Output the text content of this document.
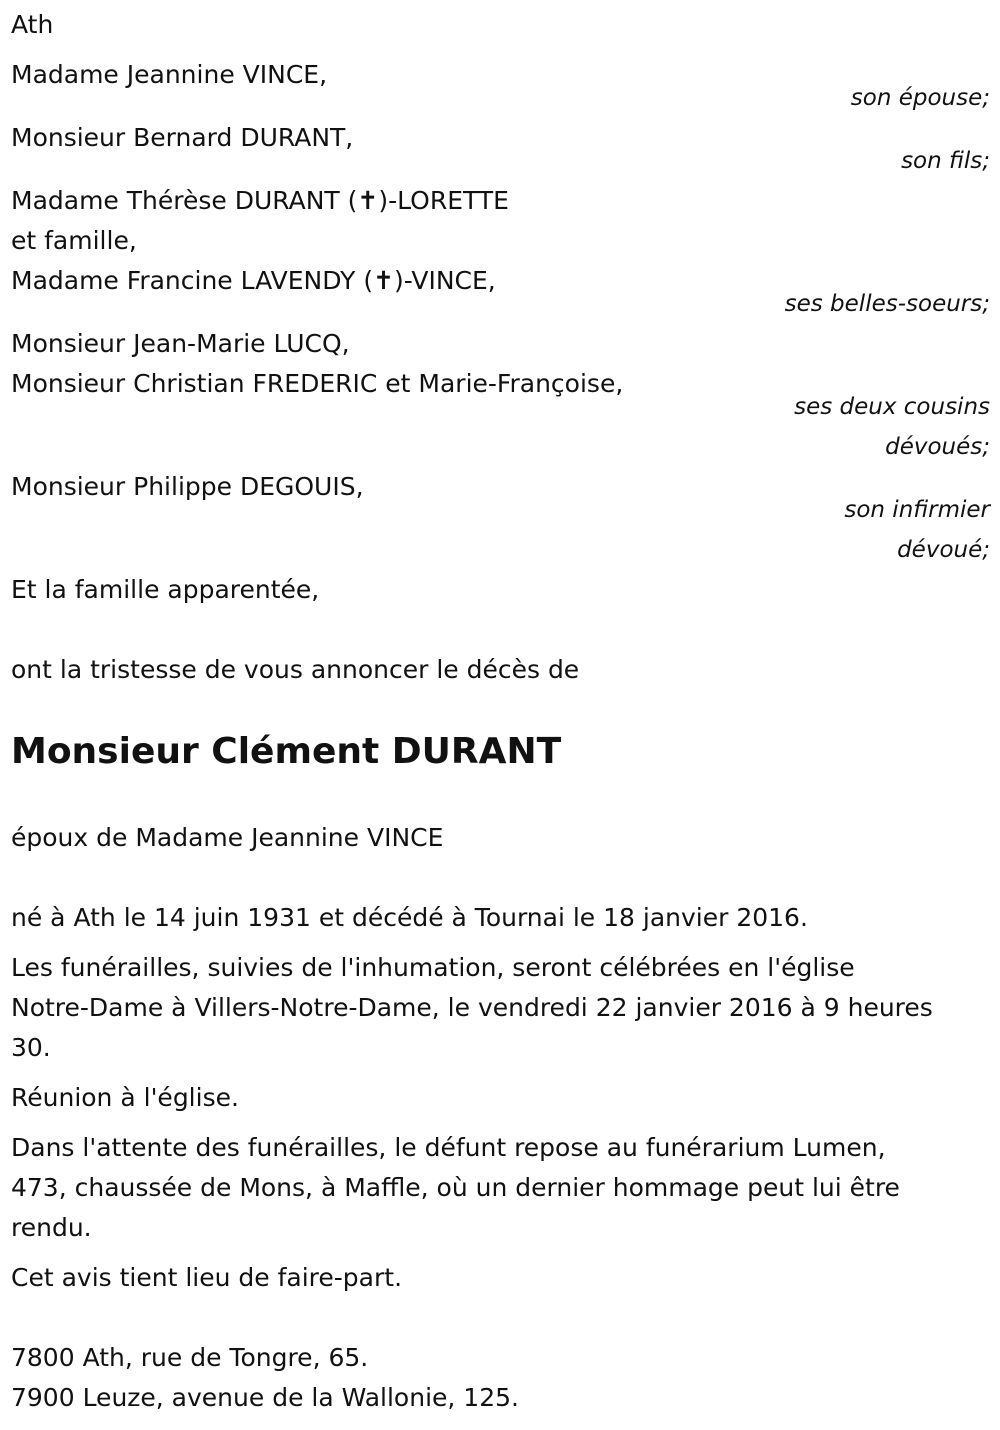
Ath
Madame Jeannine VINCE,
son épouse;
Monsieur Bernard DURANT,
son fils;
Madame Thérèse DURANT (✝)-LORETTE
et famille,
Madame Francine LAVENDY (✝)-VINCE,
ses belles-soeurs;
Monsieur Jean-Marie LUCQ,
Monsieur Christian FREDERIC et Marie-Françoise,
ses deux cousins
dévoués;
Monsieur Philippe DEGOUIS,
son infirmier
dévoué;
Et la famille apparentée,
ont la tristesse de vous annoncer le décès de
Monsieur Clément DURANT
époux de Madame Jeannine VINCE
né à Ath le 14 juin 1931 et décédé à Tournai le 18 janvier 2016.
Les funérailles, suivies de l'inhumation, seront célébrées en l'église
Notre-Dame à Villers-Notre-Dame, le vendredi 22 janvier 2016 à 9 heures
30.
Réunion à l'église.
Dans l'attente des funérailles, le défunt repose au funérarium Lumen,
473, chaussée de Mons, à Maffle, où un dernier hommage peut lui être
rendu.
Cet avis tient lieu de faire-part.
7800 Ath, rue de Tongre, 65.
7900 Leuze, avenue de la Wallonie, 125.
